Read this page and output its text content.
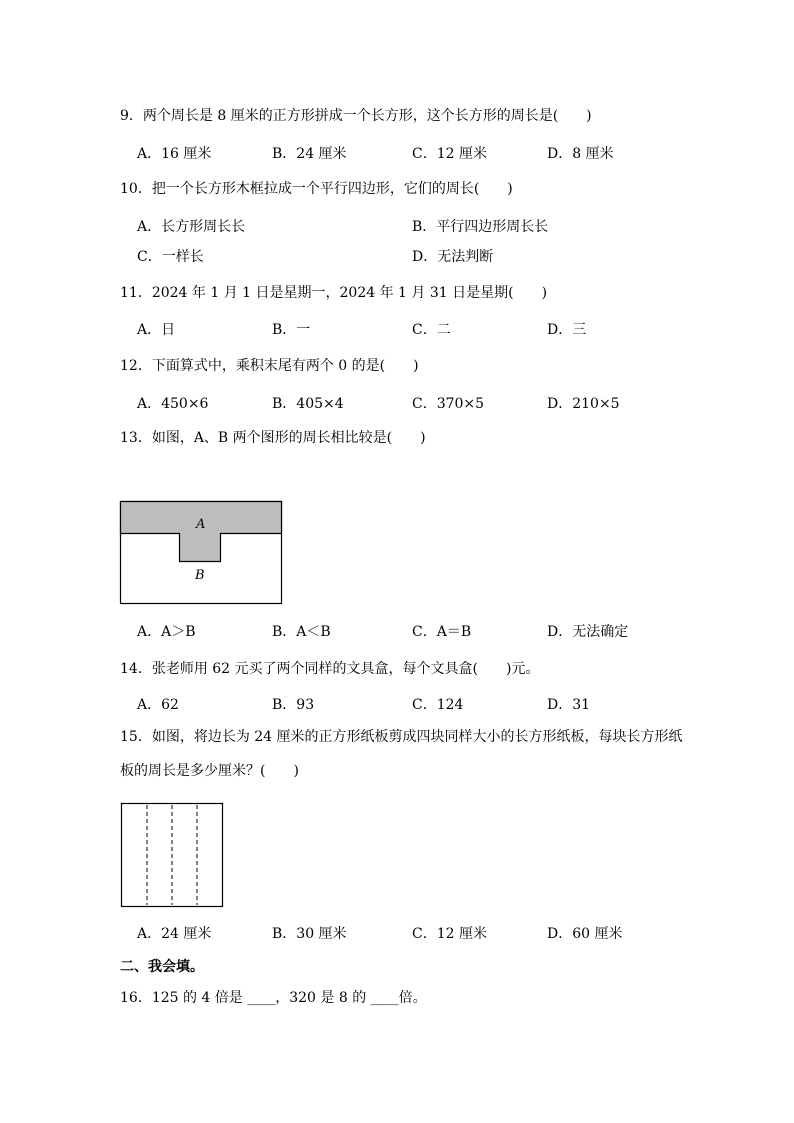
9．两个周长是 8 厘米的正方形拼成一个长方形，这个长方形的周长是(　　)
A．16 厘米	B．24 厘米	C．12 厘米	D．8 厘米
10．把一个长方形木框拉成一个平行四边形，它们的周长(　　)
A．长方形周长长	B．平行四边形周长长
C．一样长	D．无法判断
11．2024 年 1 月 1 日是星期一，2024 年 1 月 31 日是星期(　　)
A．日	B．一	C．二	D．三
12．下面算式中，乘积末尾有两个 0 的是(　　)
A．450×6	B．405×4	C．370×5	D．210×5
13．如图，A、B 两个图形的周长相比较是(　　)
A
B
A．A＞B	B．A＜B	C．A＝B	D．无法确定
14．张老师用 62 元买了两个同样的文具盒，每个文具盒(　　)元。
A．62	B．93	C．124	D．31
15．如图，将边长为 24 厘米的正方形纸板剪成四块同样大小的长方形纸板，每块长方形纸
板的周长是多少厘米？(　　)
A．24 厘米	B．30 厘米	C．12 厘米	D．60 厘米
二、我会填。
16．125 的 4 倍是 ____，320 是 8 的 ____倍。
